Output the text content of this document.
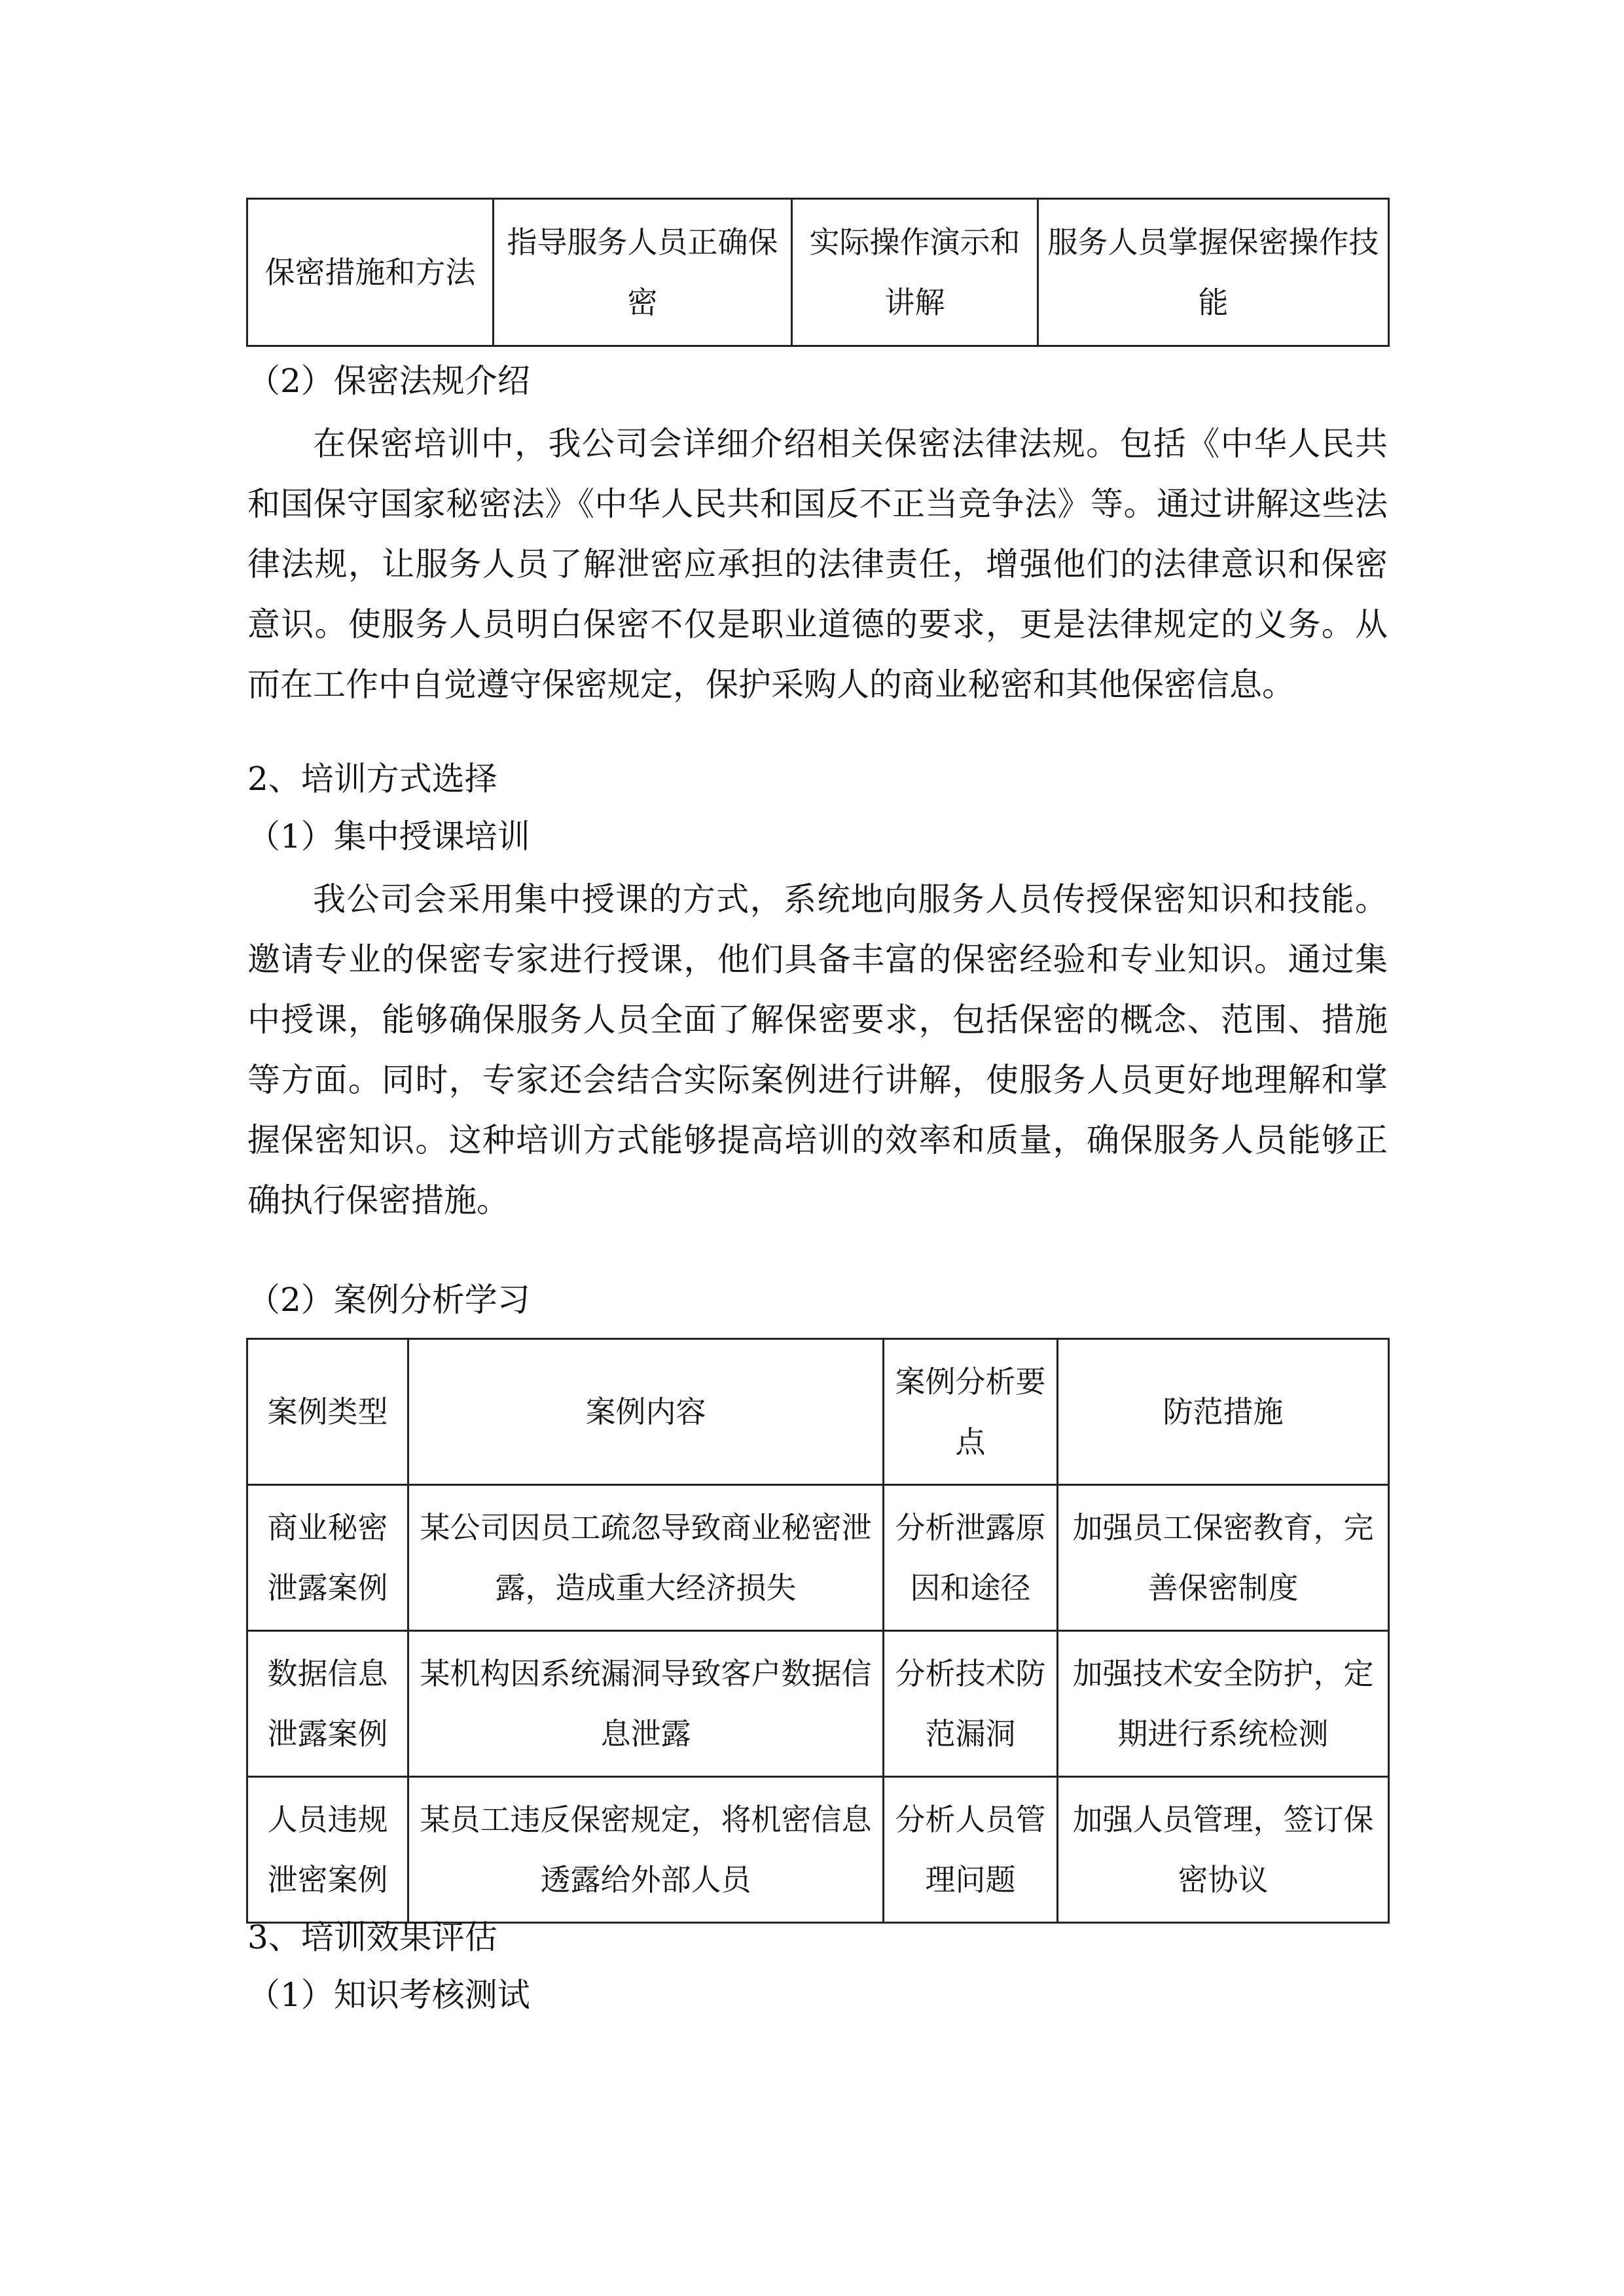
保密措施和方法	指导服务人员正确保密	实际操作演示和讲解	服务人员掌握保密操作技能
（2）保密法规介绍

在保密培训中，我公司会详细介绍相关保密法律法规。包括《中华人民共和国保守国家秘密法》《中华人民共和国反不正当竞争法》等。通过讲解这些法律法规，让服务人员了解泄密应承担的法律责任，增强他们的法律意识和保密意识。使服务人员明白保密不仅是职业道德的要求，更是法律规定的义务。从而在工作中自觉遵守保密规定，保护采购人的商业秘密和其他保密信息。

2、培训方式选择
（1）集中授课培训

我公司会采用集中授课的方式，系统地向服务人员传授保密知识和技能。邀请专业的保密专家进行授课，他们具备丰富的保密经验和专业知识。通过集中授课，能够确保服务人员全面了解保密要求，包括保密的概念、范围、措施等方面。同时，专家还会结合实际案例进行讲解，使服务人员更好地理解和掌握保密知识。这种培训方式能够提高培训的效率和质量，确保服务人员能够正确执行保密措施。

（2）案例分析学习
案例类型	案例内容	案例分析要点	防范措施
商业秘密泄露案例	某公司因员工疏忽导致商业秘密泄露，造成重大经济损失	分析泄露原因和途径	加强员工保密教育，完善保密制度
数据信息泄露案例	某机构因系统漏洞导致客户数据信息泄露	分析技术防范漏洞	加强技术安全防护，定期进行系统检测
人员违规泄密案例	某员工违反保密规定，将机密信息透露给外部人员	分析人员管理问题	加强人员管理，签订保密协议
3、培训效果评估
（1）知识考核测试
